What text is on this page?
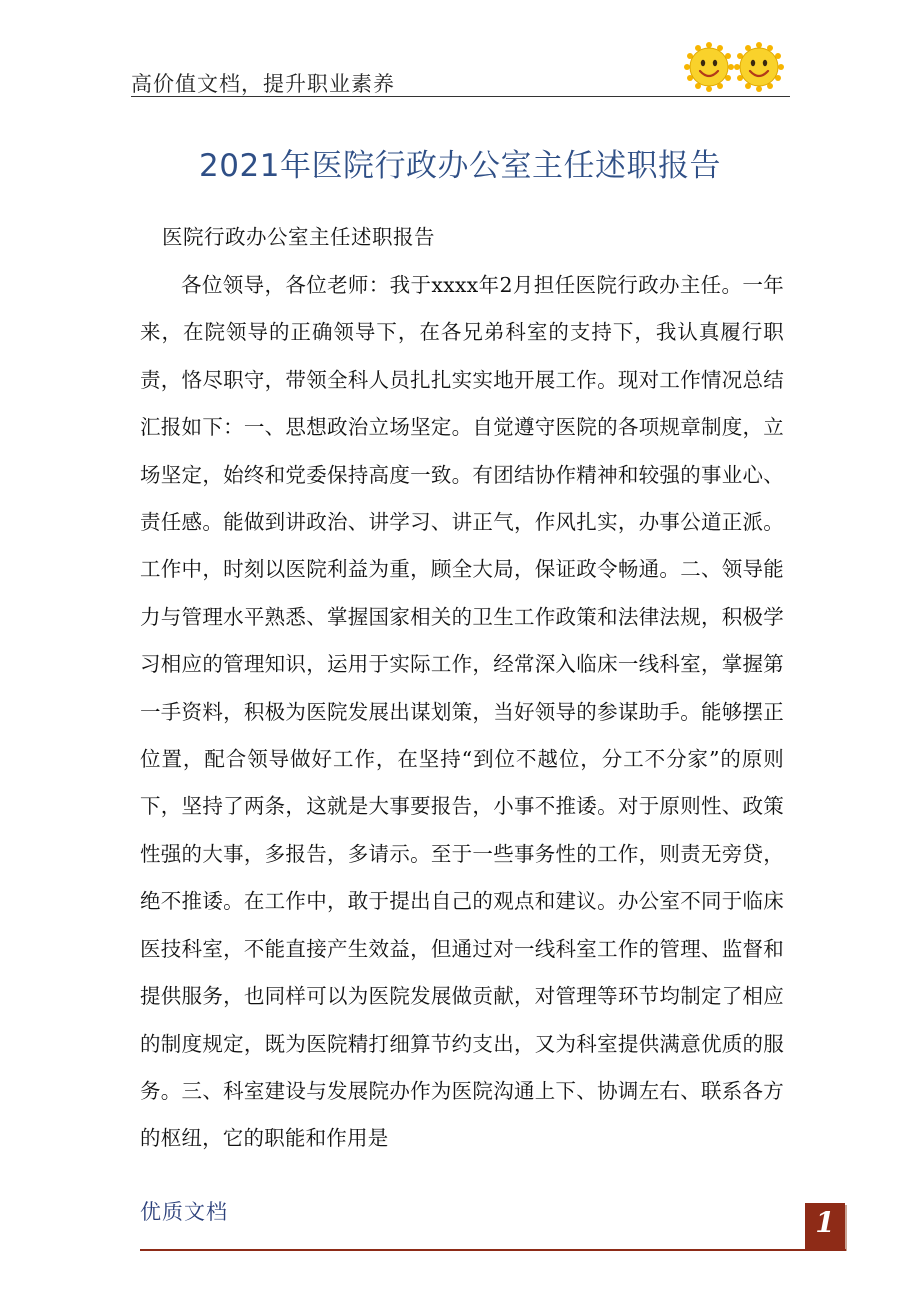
高价值文档，提升职业素养
2021年医院行政办公室主任述职报告
医院行政办公室主任述职报告

各位领导，各位老师：我于xxxx年2月担任医院行政办主任。一年来，在院领导的正确领导下，在各兄弟科室的支持下，我认真履行职责，恪尽职守，带领全科人员扎扎实实地开展工作。现对工作情况总结汇报如下：一、思想政治立场坚定。自觉遵守医院的各项规章制度，立场坚定，始终和党委保持高度一致。有团结协作精神和较强的事业心、责任感。能做到讲政治、讲学习、讲正气，作风扎实，办事公道正派。工作中，时刻以医院利益为重，顾全大局，保证政令畅通。二、领导能力与管理水平熟悉、掌握国家相关的卫生工作政策和法律法规，积极学习相应的管理知识，运用于实际工作，经常深入临床一线科室，掌握第一手资料，积极为医院发展出谋划策，当好领导的参谋助手。能够摆正位置，配合领导做好工作，在坚持“到位不越位，分工不分家”的原则下，坚持了两条，这就是大事要报告，小事不推诿。对于原则性、政策性强的大事，多报告，多请示。至于一些事务性的工作，则责无旁贷，绝不推诿。在工作中，敢于提出自己的观点和建议。办公室不同于临床医技科室，不能直接产生效益，但通过对一线科室工作的管理、监督和提供服务，也同样可以为医院发展做贡献，对管理等环节均制定了相应的制度规定，既为医院精打细算节约支出，又为科室提供满意优质的服务。三、科室建设与发展院办作为医院沟通上下、协调左右、联系各方的枢纽，它的职能和作用是

优质文档	1
